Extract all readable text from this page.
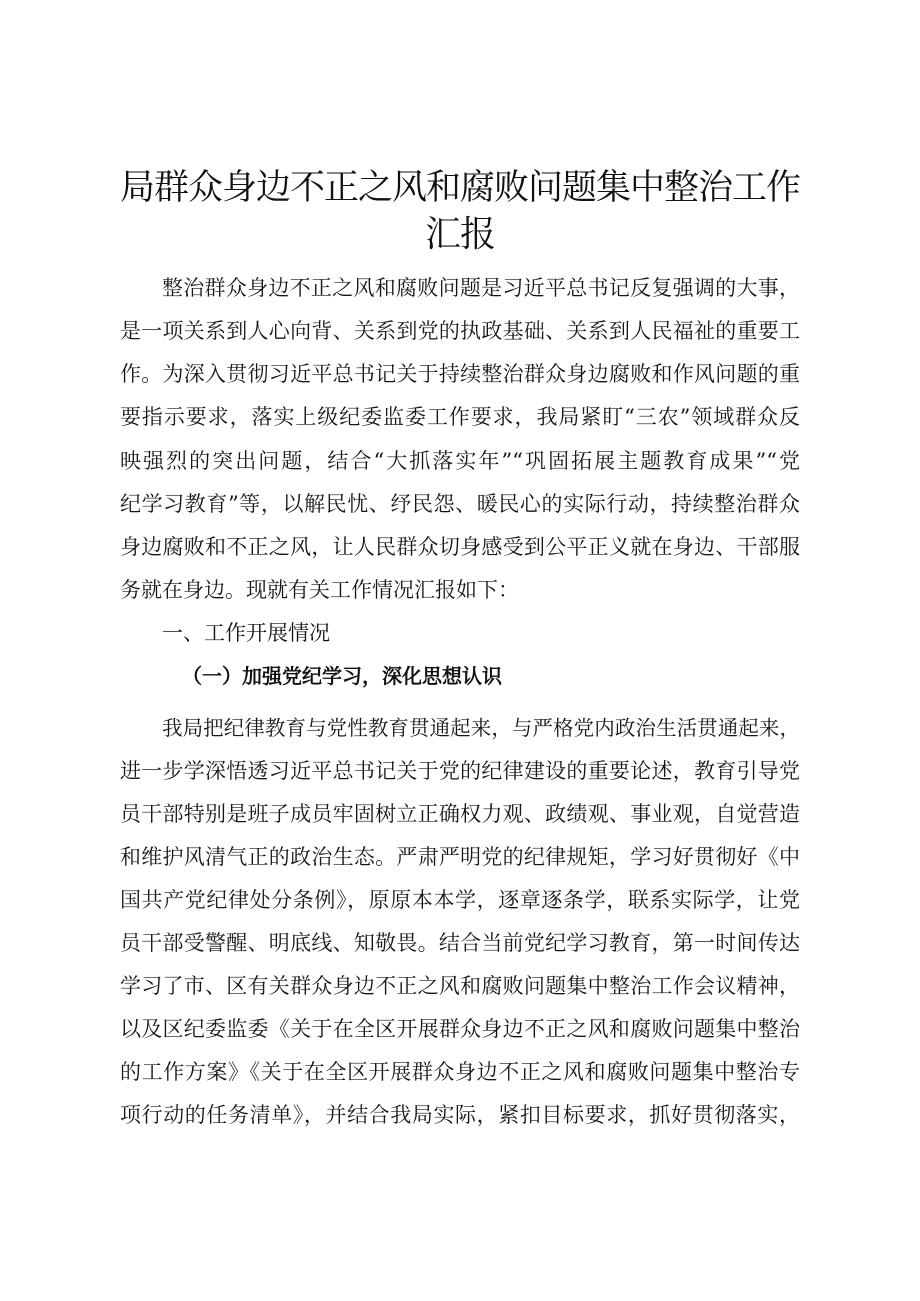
局群众身边不正之风和腐败问题集中整治工作
汇报
整治群众身边不正之风和腐败问题是习近平总书记反复强调的大事，
是一项关系到人心向背、关系到党的执政基础、关系到人民福祉的重要工
作。为深入贯彻习近平总书记关于持续整治群众身边腐败和作风问题的重
要指示要求，落实上级纪委监委工作要求，我局紧盯“三农”领域群众反
映强烈的突出问题，结合“大抓落实年”“巩固拓展主题教育成果”“党
纪学习教育”等，以解民忧、纾民怨、暖民心的实际行动，持续整治群众
身边腐败和不正之风，让人民群众切身感受到公平正义就在身边、干部服
务就在身边。现就有关工作情况汇报如下：
一、工作开展情况
（一）加强党纪学习，深化思想认识
我局把纪律教育与党性教育贯通起来，与严格党内政治生活贯通起来，
进一步学深悟透习近平总书记关于党的纪律建设的重要论述，教育引导党
员干部特别是班子成员牢固树立正确权力观、政绩观、事业观，自觉营造
和维护风清气正的政治生态。严肃严明党的纪律规矩，学习好贯彻好《中
国共产党纪律处分条例》，原原本本学，逐章逐条学，联系实际学，让党
员干部受警醒、明底线、知敬畏。结合当前党纪学习教育，第一时间传达
学习了市、区有关群众身边不正之风和腐败问题集中整治工作会议精神，
以及区纪委监委《关于在全区开展群众身边不正之风和腐败问题集中整治
的工作方案》《关于在全区开展群众身边不正之风和腐败问题集中整治专
项行动的任务清单》，并结合我局实际，紧扣目标要求，抓好贯彻落实，
